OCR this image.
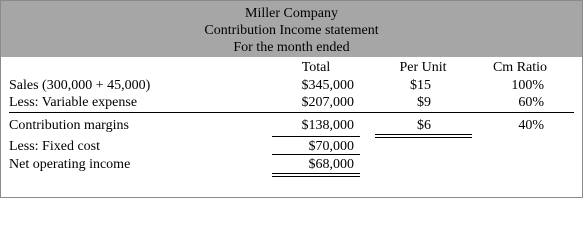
Miller Company
Contribution Income statement
For the month ended
Total	Per Unit	Cm Ratio
Sales (300,000 + 45,000)	$345,000	$15	100%
Less: Variable expense	$207,000	$9	60%
Contribution margins	$138,000	$6	40%
Less: Fixed cost	$70,000
Net operating income	$68,000
